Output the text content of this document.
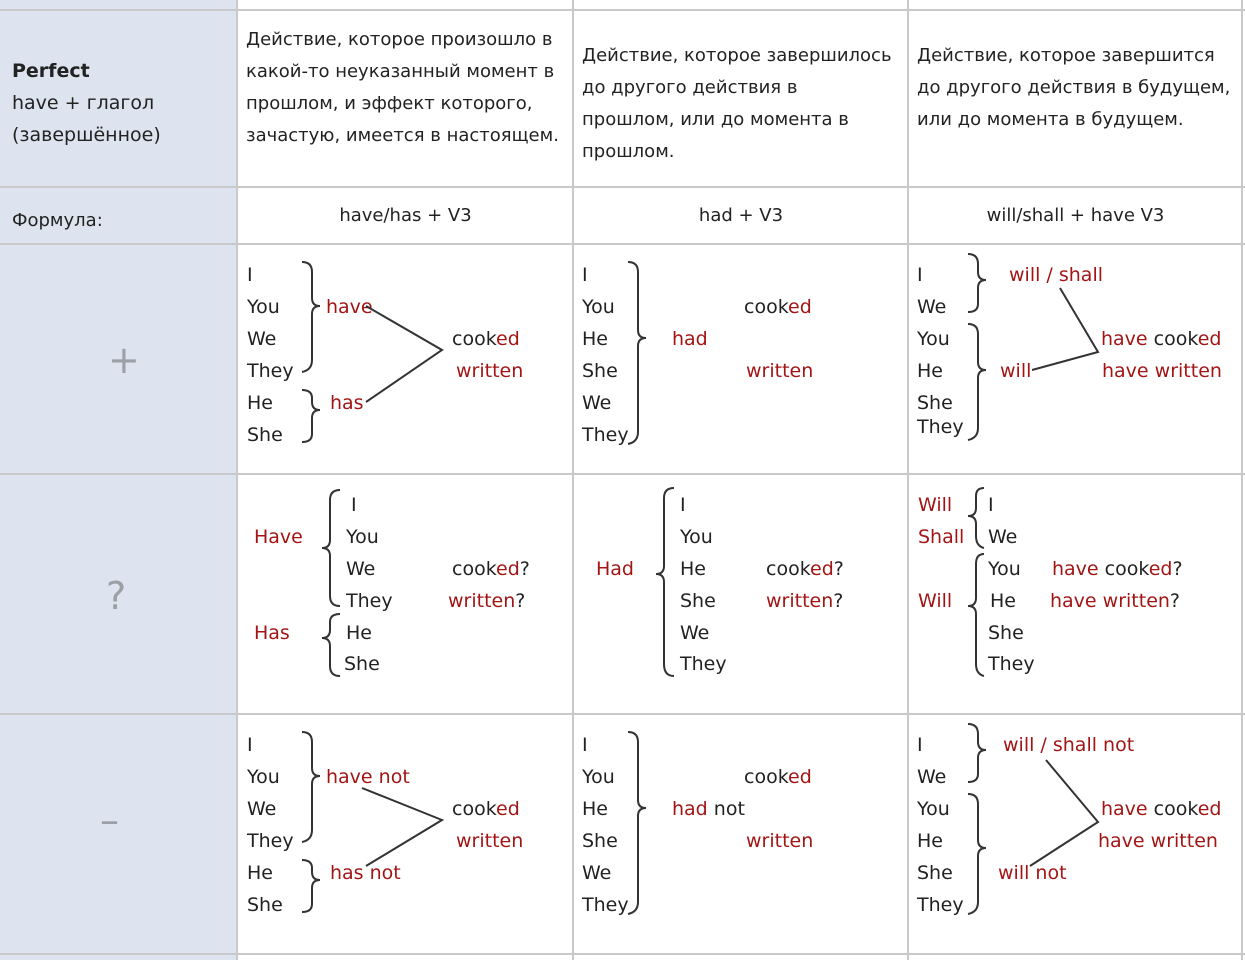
Perfect
have + глагол
(завершённое)
Формула:
+
?
–
Действие, которое произошло в какой-то неуказанный момент в прошлом, и эффект которого, зачастую, имеется в настоящем.
Действие, которое завершилось до другого действия в прошлом, или до момента в прошлом.
Действие, которое завершится до другого действия в будущем, или до момента в будущем.
have/has + V3	had + V3	will/shall + have V3
I
You
We
They
He
She
have
has
cooked
written
I
You
He
She
We
They
had
cooked
written
I
We
You
He
She
They
will / shall
will
have cooked
have written
Have
Has
I
You
We
They
He
She
cooked?
written?
Had
I
You
He
She
We
They
cooked?
written?
Will
Shall
Will
I
We
You
He
She
They
have cooked?
have written?
I
You
We
They
He
She
have not
has not
cooked
written
I
You
He
She
We
They
had not
cooked
written
I
We
You
He
She
They
will / shall not
will not
have cooked
have written
